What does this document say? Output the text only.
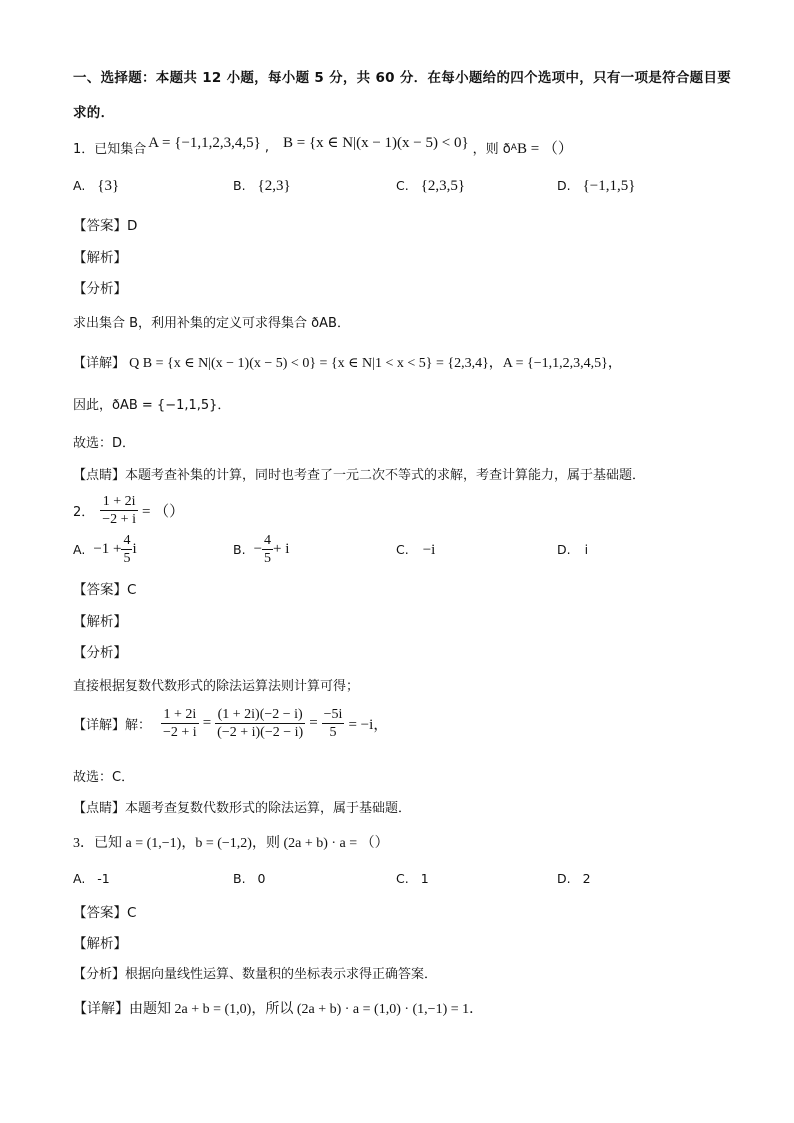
一、选择题：本题共 12 小题，每小题 5 分，共 60 分．在每小题给的四个选项中，只有一项是符合题目要
求的．
1．已知集合 A = {−1,1,2,3,4,5} , B = {x ∈ N|(x − 1)(x − 5) < 0} ，则 ð A B = （）
A. {3}	B. {2,3}	C. {2,3,5}	D. {−1,1,5}
【答案】D
【解析】
【分析】
求出集合 B，利用补集的定义可求得集合 ðAB．
【详解】 Q B = {x ∈ N|(x − 1)(x − 5) < 0} = {x ∈ N|1 < x < 5} = {2,3,4}，A = {−1,1,2,3,4,5}，
因此，ðAB = {−1,1,5}．
故选：D．
【点睛】本题考查补集的计算，同时也考查了一元二次不等式的求解，考查计算能力，属于基础题．
2． $\frac{1 + 2i}{-2 + i}$ = （）
A. $-1 + \frac{4}{5}$ i	B. − $\frac{4}{5} + i$	C. −i	D. i
【答案】C
【解析】
【分析】
直接根据复数代数形式的除法运算法则计算可得；
【详解】解： $\frac{1 + 2i}{-2 + i} = \frac{(1 + 2i)(-2 - i)}{(-2 + i)(-2 - i)} = \frac{-5i}{5} = -i$，
故选：C．
【点睛】本题考查复数代数形式的除法运算，属于基础题．
3．已知 a = (1,−1)，b = (−1,2)，则 (2a + b) · a = （）
A. -1	B. 0	C. 1	D. 2
【答案】C
【解析】
【分析】根据向量线性运算、数量积的坐标表示求得正确答案．
【详解】由题知 2a + b = (1,0)，所以 (2a + b) · a = (1,0) · (1,−1) = 1．
